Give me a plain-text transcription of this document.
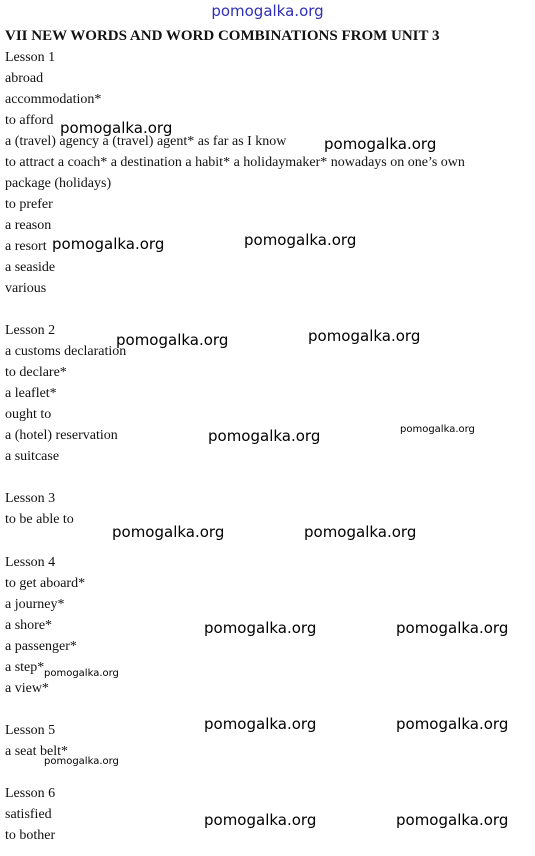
pomogalka.org
VII NEW WORDS AND WORD COMBINATIONS FROM UNIT 3
Lesson 1
abroad
accommodation*
to afford
a (travel) agency a (travel) agent* as far as I know
to attract a coach* a destination a habit* a holidaymaker* nowadays on one’s own
package (holidays)
to prefer
a reason
a resort
a seaside
various
Lesson 2
a customs declaration
to declare*
a leaflet*
ought to
a (hotel) reservation
a suitcase
Lesson 3
to be able to
Lesson 4
to get aboard*
a journey*
a shore*
a passenger*
a step*
a view*
Lesson 5
a seat belt*
Lesson 6
satisfied
to bother
pomogalka.org
pomogalka.org
pomogalka.org	pomogalka.org
pomogalka.org	pomogalka.org
pomogalka.org	pomogalka.org
pomogalka.org	pomogalka.org
pomogalka.org	pomogalka.org
pomogalka.org
pomogalka.org	pomogalka.org
pomogalka.org
pomogalka.org	pomogalka.org
